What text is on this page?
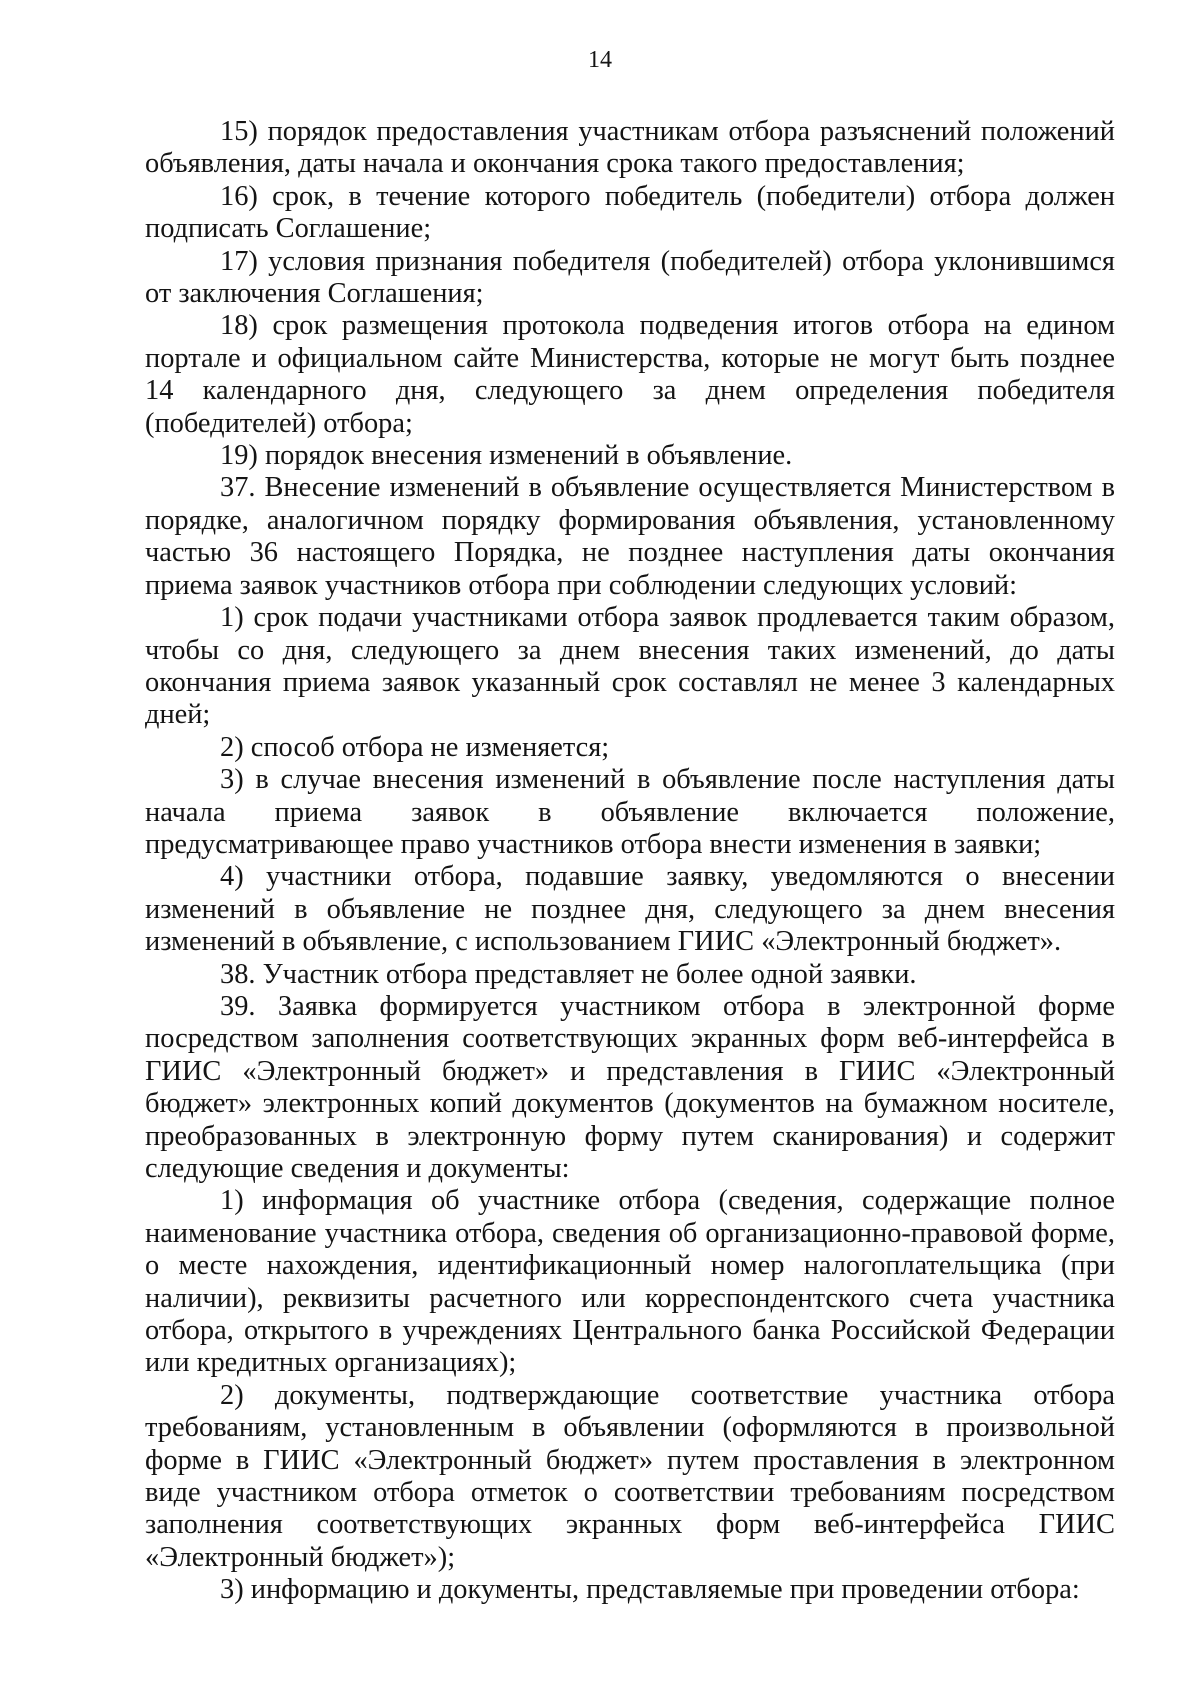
14

15) порядок предоставления участникам отбора разъяснений положений объявления, даты начала и окончания срока такого предоставления;

16) срок, в течение которого победитель (победители) отбора должен подписать Соглашение;

17) условия признания победителя (победителей) отбора уклонившимся от заключения Соглашения;

18) срок размещения протокола подведения итогов отбора на едином портале и официальном сайте Министерства, которые не могут быть позднее 14 календарного дня, следующего за днем определения победителя (победителей) отбора;

19) порядок внесения изменений в объявление.

37. Внесение изменений в объявление осуществляется Министерством в порядке, аналогичном порядку формирования объявления, установленному частью 36 настоящего Порядка, не позднее наступления даты окончания приема заявок участников отбора при соблюдении следующих условий:

1) срок подачи участниками отбора заявок продлевается таким образом, чтобы со дня, следующего за днем внесения таких изменений, до даты окончания приема заявок указанный срок составлял не менее 3 календарных дней;

2) способ отбора не изменяется;

3) в случае внесения изменений в объявление после наступления даты начала приема заявок в объявление включается положение, предусматривающее право участников отбора внести изменения в заявки;

4) участники отбора, подавшие заявку, уведомляются о внесении изменений в объявление не позднее дня, следующего за днем внесения изменений в объявление, с использованием ГИИС «Электронный бюджет».

38. Участник отбора представляет не более одной заявки.

39. Заявка формируется участником отбора в электронной форме посредством заполнения соответствующих экранных форм веб-интерфейса в ГИИС «Электронный бюджет» и представления в ГИИС «Электронный бюджет» электронных копий документов (документов на бумажном носителе, преобразованных в электронную форму путем сканирования) и содержит следующие сведения и документы:

1) информация об участнике отбора (сведения, содержащие полное наименование участника отбора, сведения об организационно-правовой форме, о месте нахождения, идентификационный номер налогоплательщика (при наличии), реквизиты расчетного или корреспондентского счета участника отбора, открытого в учреждениях Центрального банка Российской Федерации или кредитных организациях);

2) документы, подтверждающие соответствие участника отбора требованиям, установленным в объявлении (оформляются в произвольной форме в ГИИС «Электронный бюджет» путем проставления в электронном виде участником отбора отметок о соответствии требованиям посредством заполнения соответствующих экранных форм веб-интерфейса ГИИС «Электронный бюджет»);

3) информацию и документы, представляемые при проведении отбора:
